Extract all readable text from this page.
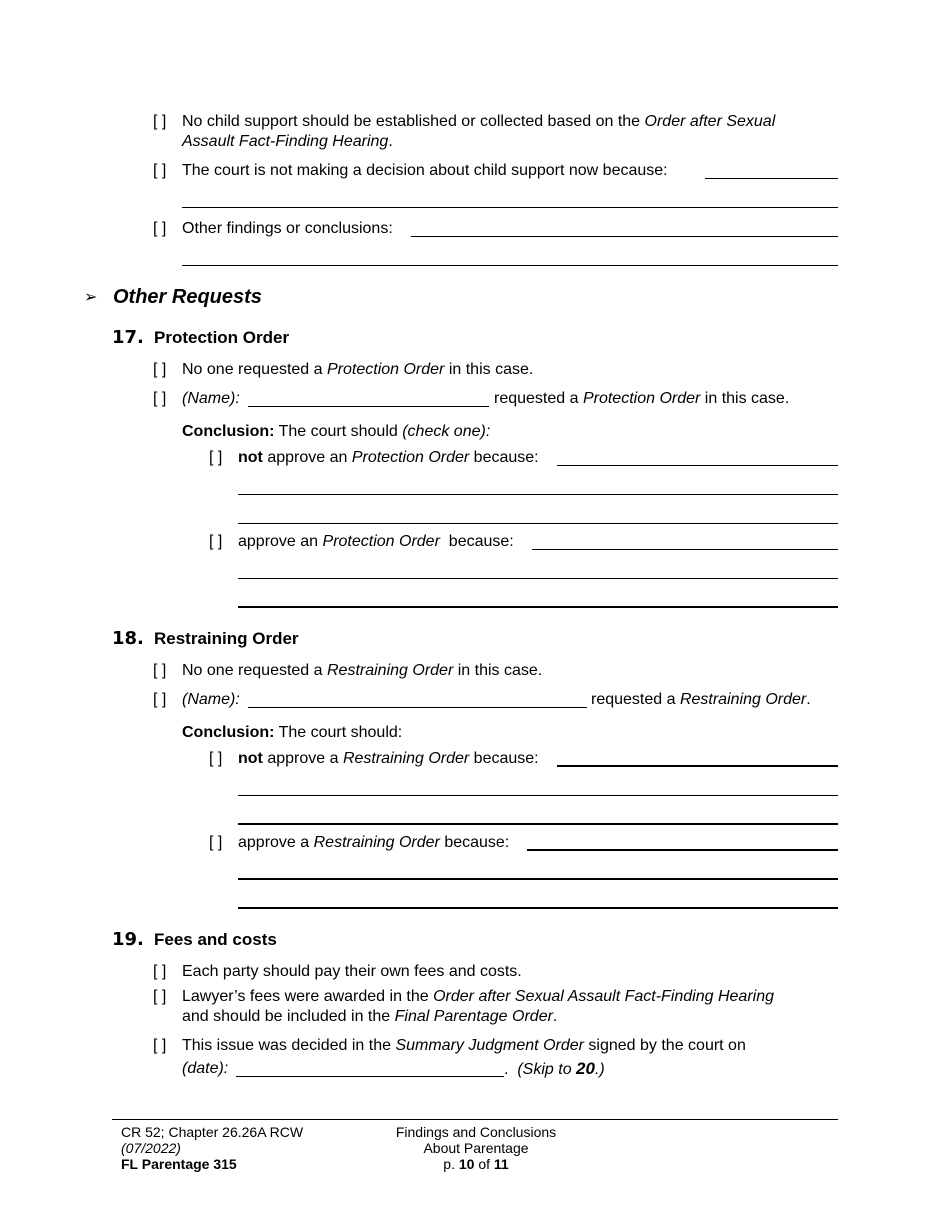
[ ] No child support should be established or collected based on the Order after Sexual
Assault Fact-Finding Hearing.
[ ] The court is not making a decision about child support now because:
[ ] Other findings or conclusions:
➢ Other Requests
17. Protection Order
[ ] No one requested a Protection Order in this case.
[ ] (Name):	requested a Protection Order in this case.
Conclusion: The court should (check one):
[ ] not approve an Protection Order because:
[ ] approve an Protection Order  because:
18. Restraining Order
[ ] No one requested a Restraining Order in this case.
[ ] (Name):	requested a Restraining Order.
Conclusion: The court should:
[ ] not approve a Restraining Order because:
[ ] approve a Restraining Order because:
19. Fees and costs
[ ] Each party should pay their own fees and costs.
[ ] Lawyer’s fees were awarded in the Order after Sexual Assault Fact-Finding Hearing
and should be included in the Final Parentage Order.
[ ] This issue was decided in the Summary Judgment Order signed by the court on
(date):	.  (Skip to 20.)
CR 52; Chapter 26.26A RCW
(07/2022)
FL Parentage 315
Findings and Conclusions
About Parentage
p. 10 of 11
